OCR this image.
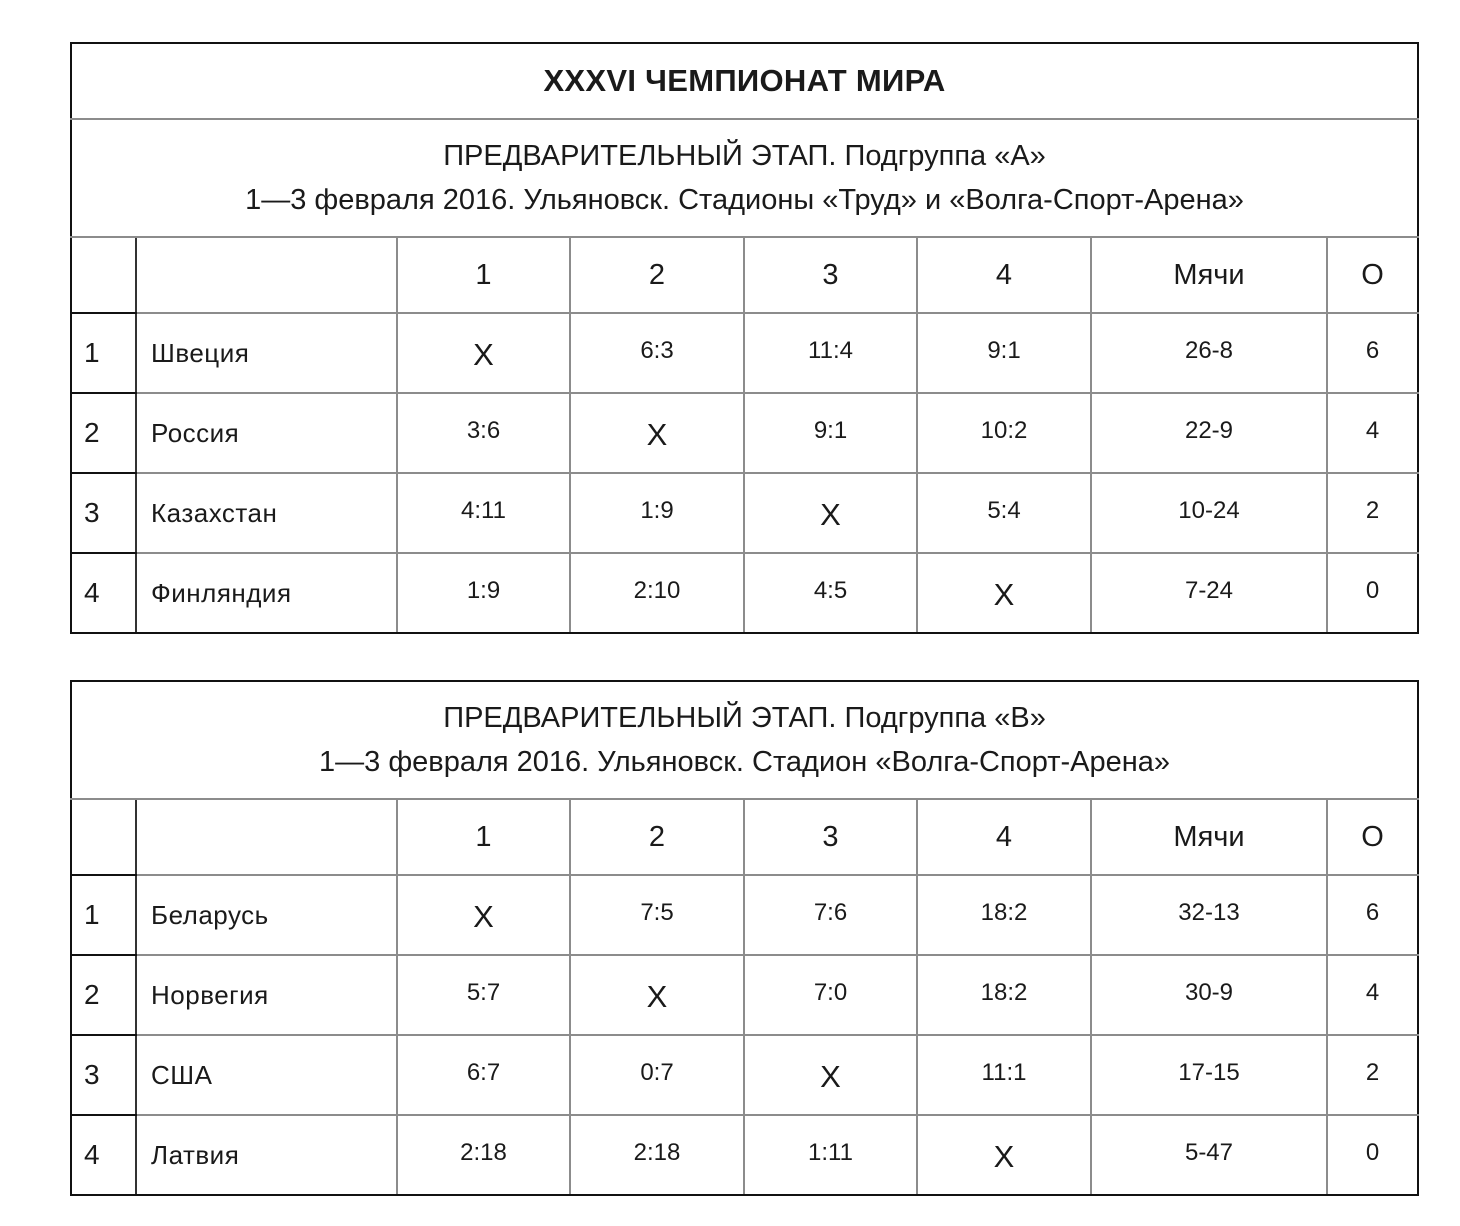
XXXVI ЧЕМПИОНАТ МИРА							

ПРЕДВАРИТЕЛЬНЫЙ ЭТАП. Подгруппа «А»
1—3 февраля 2016. Ульяновск. Стадионы «Труд» и «Волга-Спорт-Арена»							

		1	2	3	4	Мячи	О
1	Швеция	X	6:3	11:4	9:1	26-8	6
2	Россия	3:6	X	9:1	10:2	22-9	4
3	Казахстан	4:11	1:9	X	5:4	10-24	2
4	Финляндия	1:9	2:10	4:5	X	7-24	0
ПРЕДВАРИТЕЛЬНЫЙ ЭТАП. Подгруппа «В»
1—3 февраля 2016. Ульяновск. Стадион «Волга-Спорт-Арена»							

		1	2	3	4	Мячи	О
1	Беларусь	X	7:5	7:6	18:2	32-13	6
2	Норвегия	5:7	X	7:0	18:2	30-9	4
3	США	6:7	0:7	X	11:1	17-15	2
4	Латвия	2:18	2:18	1:11	X	5-47	0
